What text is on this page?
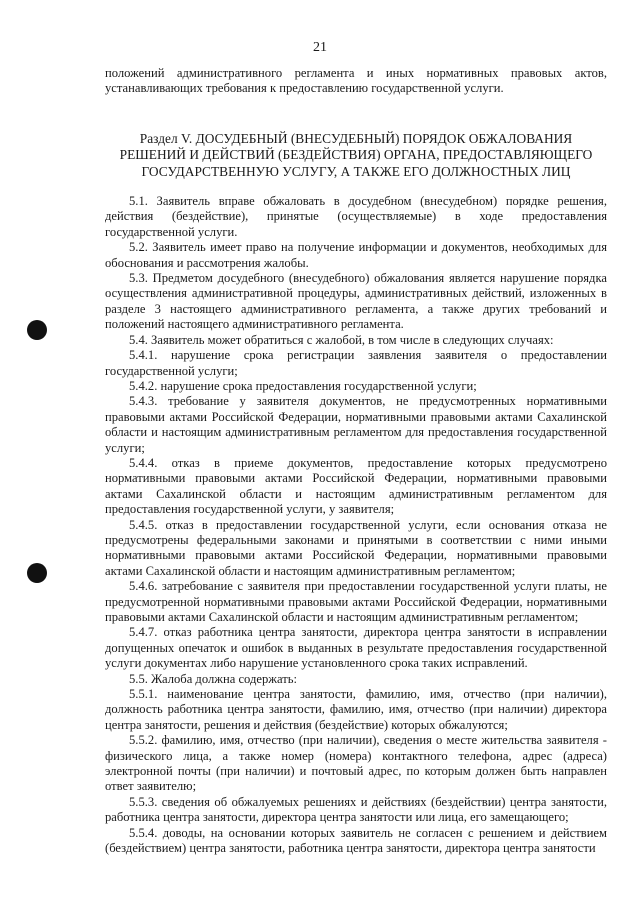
21

положений административного регламента и иных нормативных правовых актов, устанавливающих требования к предоставлению государственной услуги.

Раздел V. ДОСУДЕБНЫЙ (ВНЕСУДЕБНЫЙ) ПОРЯДОК ОБЖАЛОВАНИЯ РЕШЕНИЙ И ДЕЙСТВИЙ (БЕЗДЕЙСТВИЯ) ОРГАНА, ПРЕДОСТАВЛЯЮЩЕГО ГОСУДАРСТВЕННУЮ УСЛУГУ, А ТАКЖЕ ЕГО ДОЛЖНОСТНЫХ ЛИЦ

5.1. Заявитель вправе обжаловать в досудебном (внесудебном) порядке решения, действия (бездействие), принятые (осуществляемые) в ходе предоставления государственной услуги.

5.2. Заявитель имеет право на получение информации и документов, необходимых для обоснования и рассмотрения жалобы.

5.3. Предметом досудебного (внесудебного) обжалования является нарушение порядка осуществления административной процедуры, административных действий, изложенных в разделе 3 настоящего административного регламента, а также других требований и положений настоящего административного регламента.

5.4. Заявитель может обратиться с жалобой, в том числе в следующих случаях:

5.4.1. нарушение срока регистрации заявления заявителя о предоставлении государственной услуги;

5.4.2. нарушение срока предоставления государственной услуги;

5.4.3. требование у заявителя документов, не предусмотренных нормативными правовыми актами Российской Федерации, нормативными правовыми актами Сахалинской области и настоящим административным регламентом для предоставления государственной услуги;

5.4.4. отказ в приеме документов, предоставление которых предусмотрено нормативными правовыми актами Российской Федерации, нормативными правовыми актами Сахалинской области и настоящим административным регламентом для предоставления государственной услуги, у заявителя;

5.4.5. отказ в предоставлении государственной услуги, если основания отказа не предусмотрены федеральными законами и принятыми в соответствии с ними иными нормативными правовыми актами Российской Федерации, нормативными правовыми актами Сахалинской области и настоящим административным регламентом;

5.4.6. затребование с заявителя при предоставлении государственной услуги платы, не предусмотренной нормативными правовыми актами Российской Федерации, нормативными правовыми актами Сахалинской области и настоящим административным регламентом;

5.4.7. отказ работника центра занятости, директора центра занятости в исправлении допущенных опечаток и ошибок в выданных в результате предоставления государственной услуги документах либо нарушение установленного срока таких исправлений.

5.5. Жалоба должна содержать:

5.5.1. наименование центра занятости, фамилию, имя, отчество (при наличии), должность работника центра занятости, фамилию, имя, отчество (при наличии) директора центра занятости, решения и действия (бездействие) которых обжалуются;

5.5.2. фамилию, имя, отчество (при наличии), сведения о месте жительства заявителя - физического лица, а также номер (номера) контактного телефона, адрес (адреса) электронной почты (при наличии) и почтовый адрес, по которым должен быть направлен ответ заявителю;

5.5.3. сведения об обжалуемых решениях и действиях (бездействии) центра занятости, работника центра занятости, директора центра занятости или лица, его замещающего;

5.5.4. доводы, на основании которых заявитель не согласен с решением и действием (бездействием) центра занятости, работника центра занятости, директора центра занятости
